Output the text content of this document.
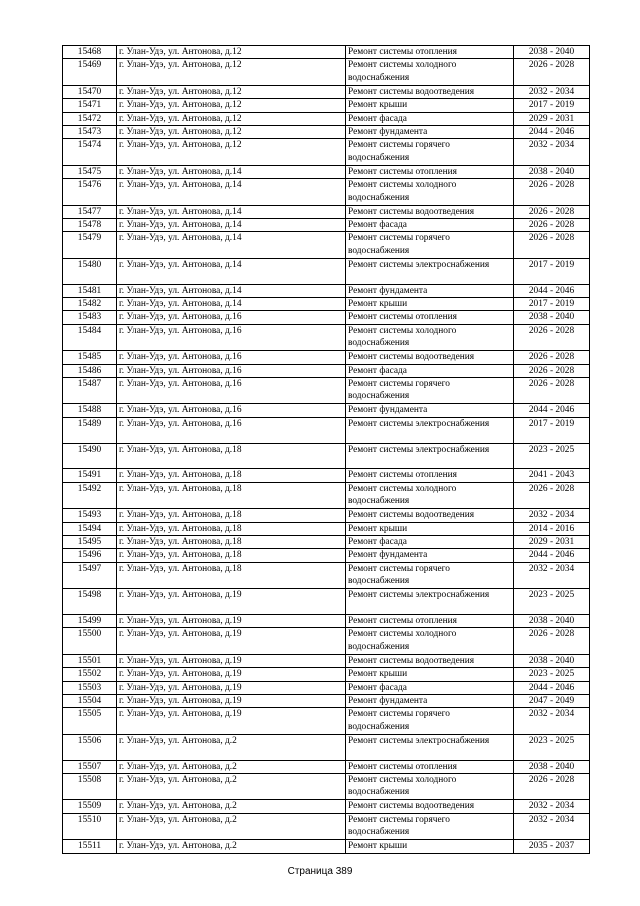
15468	г. Улан-Удэ, ул. Антонова, д.12	Ремонт системы отопления	2038 - 2040
15469	г. Улан-Удэ, ул. Антонова, д.12	Ремонт системы холодного водоснабжения	2026 - 2028
15470	г. Улан-Удэ, ул. Антонова, д.12	Ремонт системы водоотведения	2032 - 2034
15471	г. Улан-Удэ, ул. Антонова, д.12	Ремонт крыши	2017 - 2019
15472	г. Улан-Удэ, ул. Антонова, д.12	Ремонт фасада	2029 - 2031
15473	г. Улан-Удэ, ул. Антонова, д.12	Ремонт фундамента	2044 - 2046
15474	г. Улан-Удэ, ул. Антонова, д.12	Ремонт системы горячего водоснабжения	2032 - 2034
15475	г. Улан-Удэ, ул. Антонова, д.14	Ремонт системы отопления	2038 - 2040
15476	г. Улан-Удэ, ул. Антонова, д.14	Ремонт системы холодного водоснабжения	2026 - 2028
15477	г. Улан-Удэ, ул. Антонова, д.14	Ремонт системы водоотведения	2026 - 2028
15478	г. Улан-Удэ, ул. Антонова, д.14	Ремонт фасада	2026 - 2028
15479	г. Улан-Удэ, ул. Антонова, д.14	Ремонт системы горячего водоснабжения	2026 - 2028
15480	г. Улан-Удэ, ул. Антонова, д.14	Ремонт системы электроснабжения	2017 - 2019
15481	г. Улан-Удэ, ул. Антонова, д.14	Ремонт фундамента	2044 - 2046
15482	г. Улан-Удэ, ул. Антонова, д.14	Ремонт крыши	2017 - 2019
15483	г. Улан-Удэ, ул. Антонова, д.16	Ремонт системы отопления	2038 - 2040
15484	г. Улан-Удэ, ул. Антонова, д.16	Ремонт системы холодного водоснабжения	2026 - 2028
15485	г. Улан-Удэ, ул. Антонова, д.16	Ремонт системы водоотведения	2026 - 2028
15486	г. Улан-Удэ, ул. Антонова, д.16	Ремонт фасада	2026 - 2028
15487	г. Улан-Удэ, ул. Антонова, д.16	Ремонт системы горячего водоснабжения	2026 - 2028
15488	г. Улан-Удэ, ул. Антонова, д.16	Ремонт фундамента	2044 - 2046
15489	г. Улан-Удэ, ул. Антонова, д.16	Ремонт системы электроснабжения	2017 - 2019
15490	г. Улан-Удэ, ул. Антонова, д.18	Ремонт системы электроснабжения	2023 - 2025
15491	г. Улан-Удэ, ул. Антонова, д.18	Ремонт системы отопления	2041 - 2043
15492	г. Улан-Удэ, ул. Антонова, д.18	Ремонт системы холодного водоснабжения	2026 - 2028
15493	г. Улан-Удэ, ул. Антонова, д.18	Ремонт системы водоотведения	2032 - 2034
15494	г. Улан-Удэ, ул. Антонова, д.18	Ремонт крыши	2014 - 2016
15495	г. Улан-Удэ, ул. Антонова, д.18	Ремонт фасада	2029 - 2031
15496	г. Улан-Удэ, ул. Антонова, д.18	Ремонт фундамента	2044 - 2046
15497	г. Улан-Удэ, ул. Антонова, д.18	Ремонт системы горячего водоснабжения	2032 - 2034
15498	г. Улан-Удэ, ул. Антонова, д.19	Ремонт системы электроснабжения	2023 - 2025
15499	г. Улан-Удэ, ул. Антонова, д.19	Ремонт системы отопления	2038 - 2040
15500	г. Улан-Удэ, ул. Антонова, д.19	Ремонт системы холодного водоснабжения	2026 - 2028
15501	г. Улан-Удэ, ул. Антонова, д.19	Ремонт системы водоотведения	2038 - 2040
15502	г. Улан-Удэ, ул. Антонова, д.19	Ремонт крыши	2023 - 2025
15503	г. Улан-Удэ, ул. Антонова, д.19	Ремонт фасада	2044 - 2046
15504	г. Улан-Удэ, ул. Антонова, д.19	Ремонт фундамента	2047 - 2049
15505	г. Улан-Удэ, ул. Антонова, д.19	Ремонт системы горячего водоснабжения	2032 - 2034
15506	г. Улан-Удэ, ул. Антонова, д.2	Ремонт системы электроснабжения	2023 - 2025
15507	г. Улан-Удэ, ул. Антонова, д.2	Ремонт системы отопления	2038 - 2040
15508	г. Улан-Удэ, ул. Антонова, д.2	Ремонт системы холодного водоснабжения	2026 - 2028
15509	г. Улан-Удэ, ул. Антонова, д.2	Ремонт системы водоотведения	2032 - 2034
15510	г. Улан-Удэ, ул. Антонова, д.2	Ремонт системы горячего водоснабжения	2032 - 2034
15511	г. Улан-Удэ, ул. Антонова, д.2	Ремонт крыши	2035 - 2037
Страница 389
